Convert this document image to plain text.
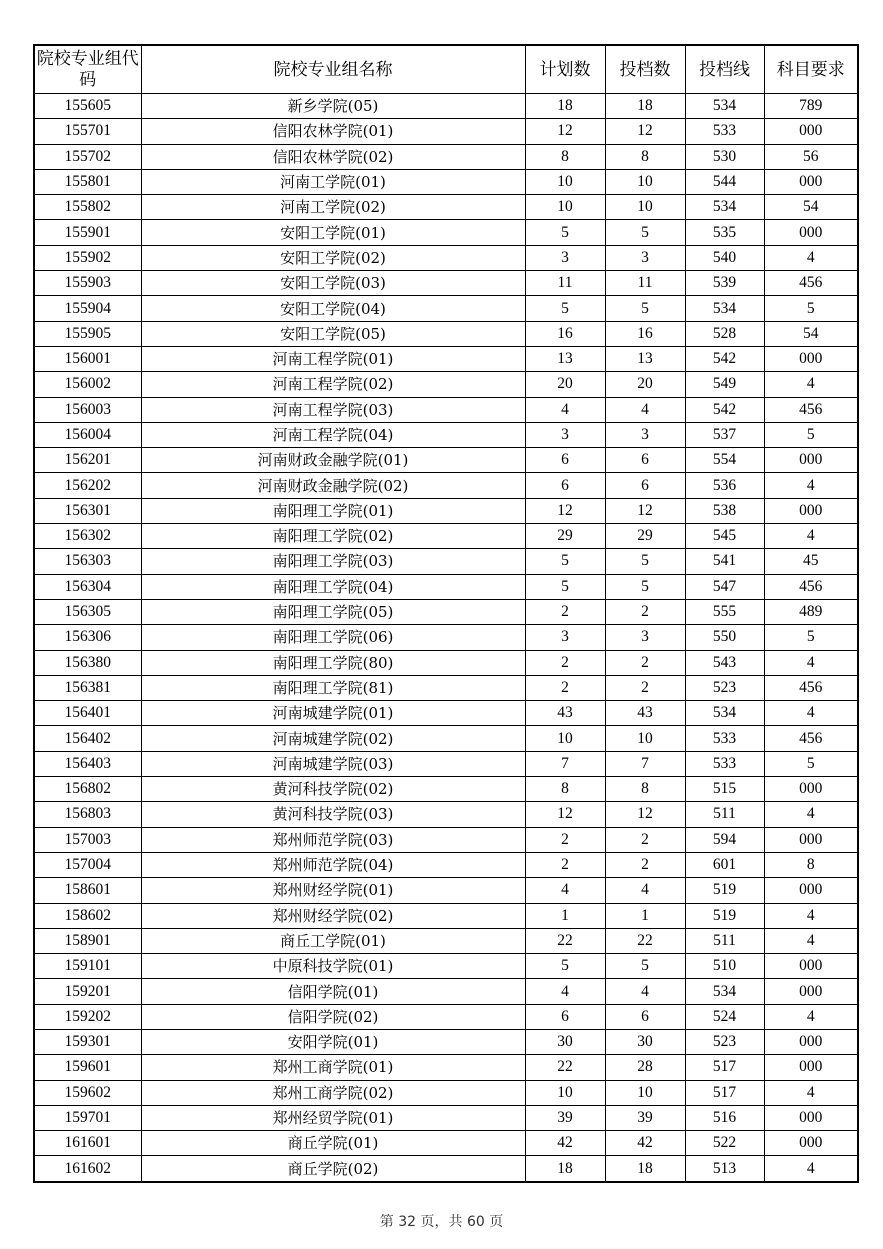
院校专业组代码	院校专业组名称	计划数	投档数	投档线	科目要求
155605	新乡学院(05)	18	18	534	789
155701	信阳农林学院(01)	12	12	533	000
155702	信阳农林学院(02)	8	8	530	56
155801	河南工学院(01)	10	10	544	000
155802	河南工学院(02)	10	10	534	54
155901	安阳工学院(01)	5	5	535	000
155902	安阳工学院(02)	3	3	540	4
155903	安阳工学院(03)	11	11	539	456
155904	安阳工学院(04)	5	5	534	5
155905	安阳工学院(05)	16	16	528	54
156001	河南工程学院(01)	13	13	542	000
156002	河南工程学院(02)	20	20	549	4
156003	河南工程学院(03)	4	4	542	456
156004	河南工程学院(04)	3	3	537	5
156201	河南财政金融学院(01)	6	6	554	000
156202	河南财政金融学院(02)	6	6	536	4
156301	南阳理工学院(01)	12	12	538	000
156302	南阳理工学院(02)	29	29	545	4
156303	南阳理工学院(03)	5	5	541	45
156304	南阳理工学院(04)	5	5	547	456
156305	南阳理工学院(05)	2	2	555	489
156306	南阳理工学院(06)	3	3	550	5
156380	南阳理工学院(80)	2	2	543	4
156381	南阳理工学院(81)	2	2	523	456
156401	河南城建学院(01)	43	43	534	4
156402	河南城建学院(02)	10	10	533	456
156403	河南城建学院(03)	7	7	533	5
156802	黄河科技学院(02)	8	8	515	000
156803	黄河科技学院(03)	12	12	511	4
157003	郑州师范学院(03)	2	2	594	000
157004	郑州师范学院(04)	2	2	601	8
158601	郑州财经学院(01)	4	4	519	000
158602	郑州财经学院(02)	1	1	519	4
158901	商丘工学院(01)	22	22	511	4
159101	中原科技学院(01)	5	5	510	000
159201	信阳学院(01)	4	4	534	000
159202	信阳学院(02)	6	6	524	4
159301	安阳学院(01)	30	30	523	000
159601	郑州工商学院(01)	22	28	517	000
159602	郑州工商学院(02)	10	10	517	4
159701	郑州经贸学院(01)	39	39	516	000
161601	商丘学院(01)	42	42	522	000
161602	商丘学院(02)	18	18	513	4
第 32 页，共 60 页
